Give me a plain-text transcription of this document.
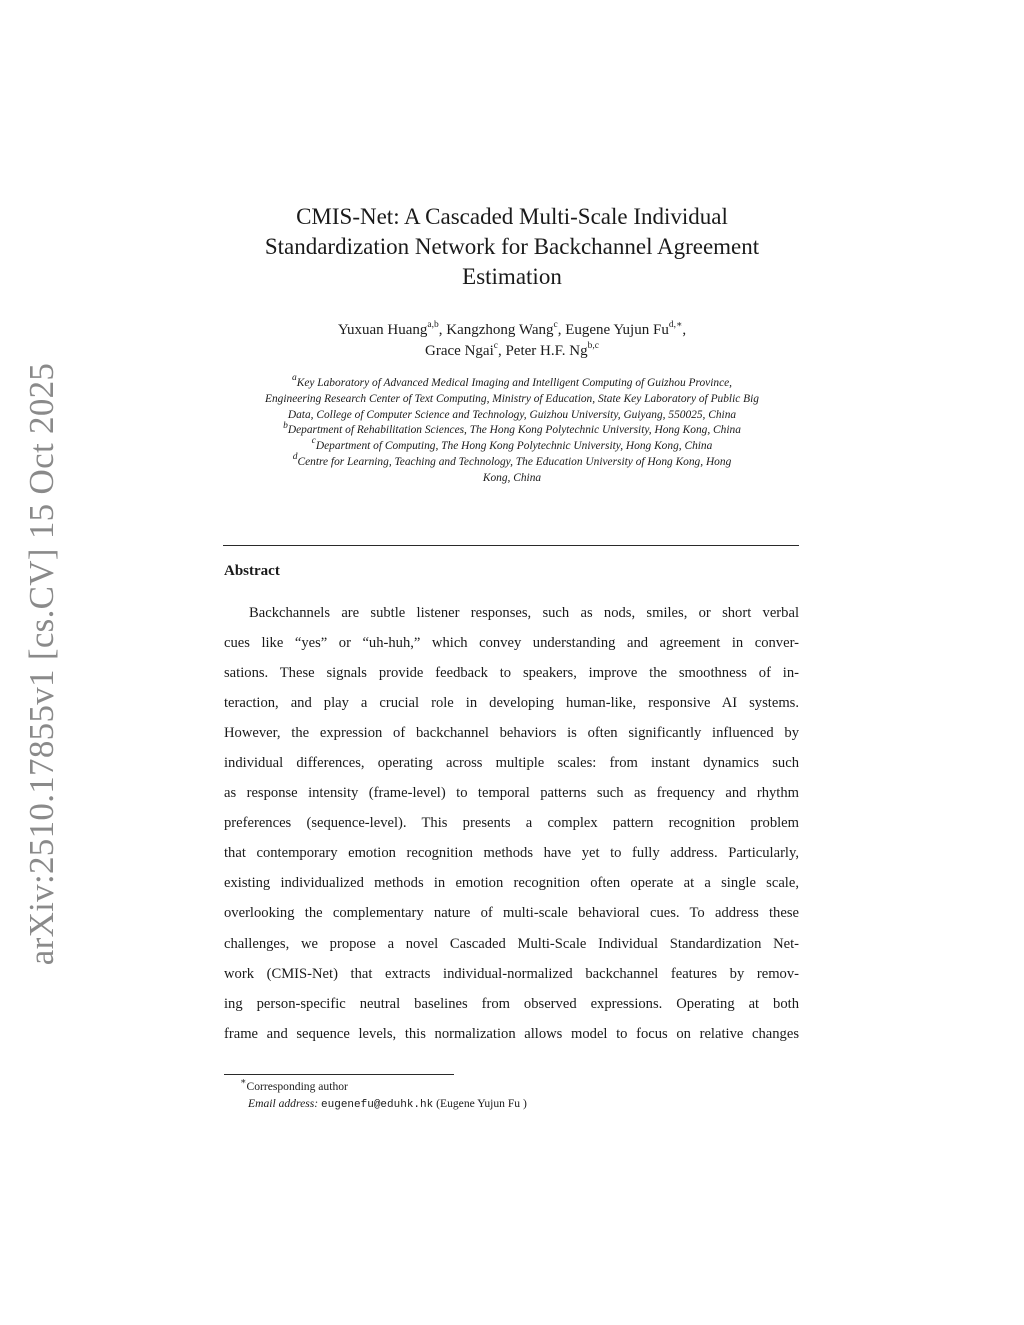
arXiv:2510.17855v1 [cs.CV] 15 Oct 2025
CMIS-Net: A Cascaded Multi-Scale Individual
Standardization Network for Backchannel Agreement
Estimation
Yuxuan Huang$^{a,b}$, Kangzhong Wang$^c$, Eugene Yujun $Fu^{d,∗}$,
Grace Ngai$^c$, Peter H.F. Ng$^{b,c}$
$^a$Key Laboratory of Advanced Medical Imaging and Intelligent Computing of Guizhou Province,
Engineering Research Center of Text Computing, Ministry of Education, State Key Laboratory of Public Big
Data, College of Computer Science and Technology, Guizhou University, Guiyang, 550025, China
$^b$Department of Rehabilitation Sciences, The Hong Kong Polytechnic University, Hong Kong, China
$^c$Department of Computing, The Hong Kong Polytechnic University, Hong Kong, China
$^d$Centre for Learning, Teaching and Technology, The Education University of Hong Kong, Hong
Kong, China
Abstract
Backchannels are subtle listener responses, such as nods, smiles, or short verbal
cues like “yes” or “uh-huh,” which convey understanding and agreement in conver-
sations. These signals provide feedback to speakers, improve the smoothness of in-
teraction, and play a crucial role in developing human-like, responsive AI systems.
However, the expression of backchannel behaviors is often significantly influenced by
individual differences, operating across multiple scales: from instant dynamics such
as response intensity (frame-level) to temporal patterns such as frequency and rhythm
preferences (sequence-level). This presents a complex pattern recognition problem
that contemporary emotion recognition methods have yet to fully address. Particularly,
existing individualized methods in emotion recognition often operate at a single scale,
overlooking the complementary nature of multi-scale behavioral cues. To address these
challenges, we propose a novel Cascaded Multi-Scale Individual Standardization Net-
work (CMIS-Net) that extracts individual-normalized backchannel features by remov-
ing person-specific neutral baselines from observed expressions. Operating at both
frame and sequence levels, this normalization allows model to focus on relative changes
∗Corresponding author
Email address: eugenefu@eduhk.hk (Eugene Yujun Fu )
